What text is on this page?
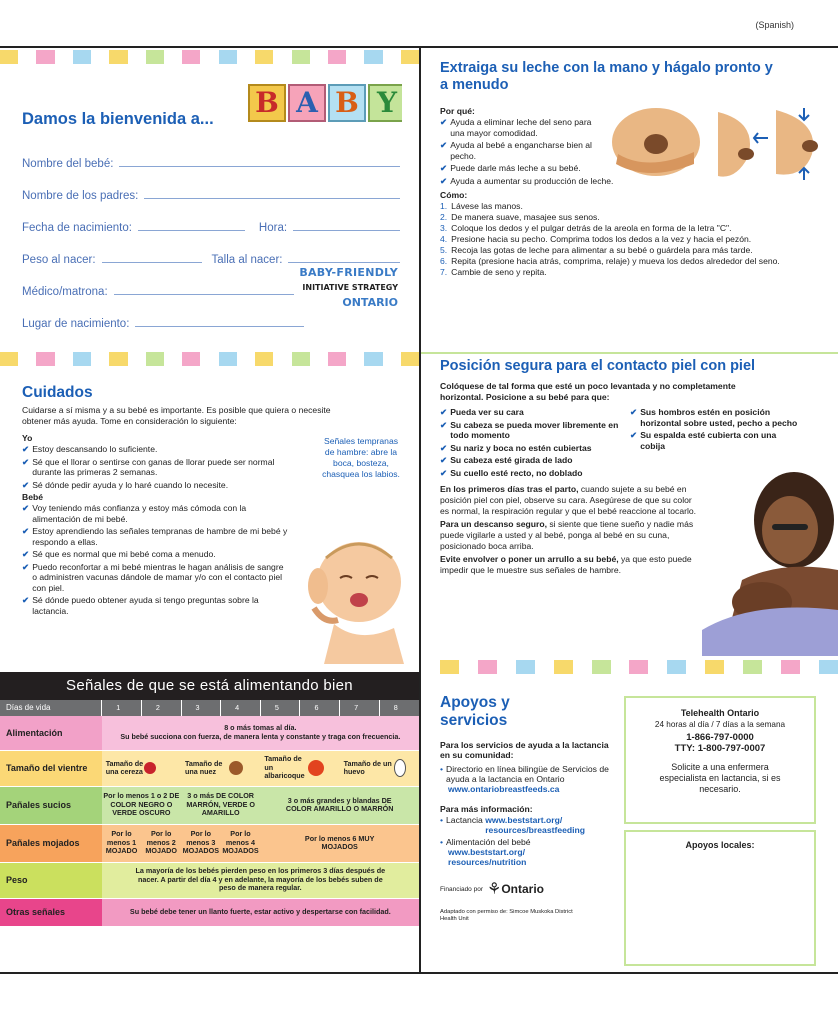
(Spanish)
B A B Y
Damos la bienvenida a...
Nombre del bebé:
Nombre de los padres:
Fecha de nacimiento:	Hora:
Peso al nacer:	Talla al nacer:
Médico/matrona:
Lugar de nacimiento:
BABY-FRIENDLY
INITIATIVE STRATEGY
ONTARIO
Extraiga su leche con la mano y hágalo pronto y a menudo
Por qué:
✔ Ayuda a eliminar leche del seno para una mayor comodidad.
✔ Ayuda al bebé a engancharse bien al pecho.
✔ Puede darle más leche a su bebé.
✔ Ayuda a aumentar su producción de leche.
Cómo:
1. Lávese las manos.
2. De manera suave, masajee sus senos.
3. Coloque los dedos y el pulgar detrás de la areola en forma de la letra "C".
4. Presione hacia su pecho. Comprima todos los dedos a la vez y hacia el pezón.
5. Recoja las gotas de leche para alimentar a su bebé o guárdela para más tarde.
6. Repita (presione hacia atrás, comprima, relaje) y mueva los dedos alrededor del seno.
7. Cambie de seno y repita.
Cuidados
Cuidarse a sí misma y a su bebé es importante. Es posible que quiera o necesite obtener más ayuda. Tome en consideración lo siguiente:
Yo
✔ Estoy descansando lo suficiente.
✔ Sé que el llorar o sentirse con ganas de llorar puede ser normal durante las primeras 2 semanas.
✔ Sé dónde pedir ayuda y lo haré cuando lo necesite.
Bebé
✔ Voy teniendo más confianza y estoy más cómoda con la alimentación de mi bebé.
✔ Estoy aprendiendo las señales tempranas de hambre de mi bebé y respondo a ellas.
✔ Sé que es normal que mi bebé coma a menudo.
✔ Puedo reconfortar a mi bebé mientras le hagan análisis de sangre o administren vacunas dándole de mamar y/o con el contacto piel con piel.
✔ Sé dónde puedo obtener ayuda si tengo preguntas sobre la lactancia.
Señales tempranas de hambre: abre la boca, bosteza, chasquea los labios.
Posición segura para el contacto piel con piel
Colóquese de tal forma que esté un poco levantada y no completamente horizontal. Posicione a su bebé para que:
✔ Pueda ver su cara
✔ Su cabeza se pueda mover libremente en todo momento
✔ Su nariz y boca no estén cubiertas
✔ Su cabeza esté girada de lado
✔ Su cuello esté recto, no doblado
✔ Sus hombros estén en posición horizontal sobre usted, pecho a pecho
✔ Su espalda esté cubierta con una cobija
En los primeros días tras el parto, cuando sujete a su bebé en posición piel con piel, observe su cara. Asegúrese de que su color es normal, la respiración regular y que el bebé reaccione al tocarlo.
Para un descanso seguro, si siente que tiene sueño y nadie más puede vigilarle a usted y al bebé, ponga al bebé en su cuna, posicionado boca arriba.
Evite envolver o poner un arrullo a su bebé, ya que esto puede impedir que le muestre sus señales de hambre.
Señales de que se está alimentando bien
Días de vida	1	2	3	4	5	6	7	8
Alimentación	8 o más tomas al día.
Su bebé succiona con fuerza, de manera lenta y constante y traga con frecuencia.							

Tamaño del vientre	Tamaño de una cereza		Tamaño de una nuez		Tamaño de un albaricoque		Tamaño de un huevo	
Pañales sucios	Por lo menos 1 o 2 DE COLOR NEGRO O VERDE OSCURO		3 o más DE COLOR MARRÓN, VERDE O AMARILLO		3 o más grandes y blandas DE COLOR AMARILLO O MARRÓN			
Pañales mojados	Por lo menos 1 MOJADO	Por lo menos 2 MOJADO	Por lo menos 3 MOJADOS	Por lo menos 4 MOJADOS	Por lo menos 6 MUY MOJADOS			
Peso	La mayoría de los bebés pierden peso en los primeros 3 días después de nacer. A partir del día 4 y en adelante, la mayoría de los bebés suben de peso de manera regular.							
Otras señales	Su bebé debe tener un llanto fuerte, estar activo y despertarse con facilidad.							
Apoyos y servicios
Para los servicios de ayuda a la lactancia en su comunidad:
• Directorio en línea bilingüe de Servicios de ayuda a la lactancia en Ontario
www.ontariobreastfeeds.ca
Para más información:
• Lactancia
www.beststart.org/ resources/breastfeeding
• Alimentación del bebé
www.beststart.org/ resources/nutrition
Financiado por ⚘ Ontario
Adaptado con permiso de: Simcoe Muskoka District Health Unit
Telehealth Ontario
24 horas al día / 7 días a la semana
1-866-797-0000
TTY: 1-800-797-0007
Solicite a una enfermera especialista en lactancia, si es necesario.
Apoyos locales:
